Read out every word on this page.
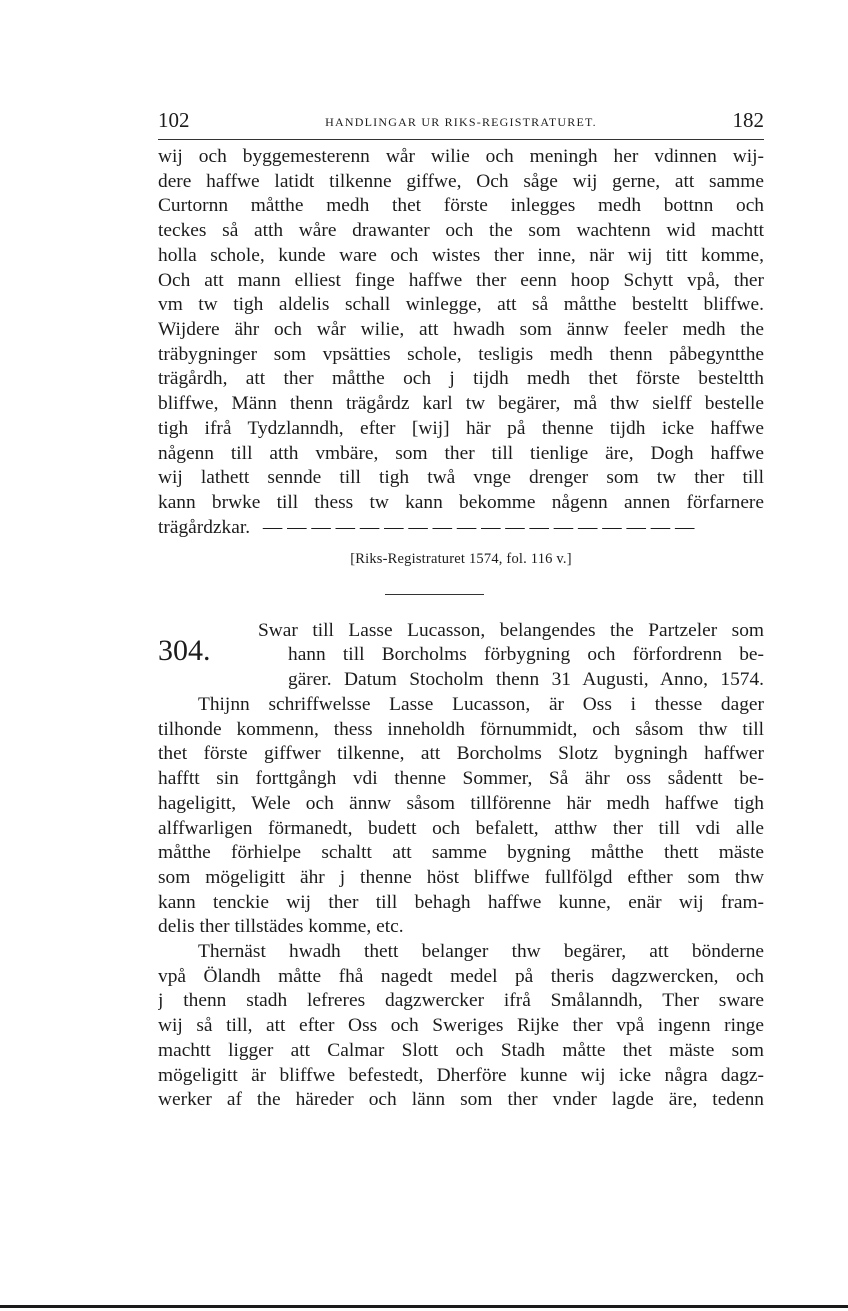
102	HANDLINGAR UR RIKS-REGISTRATURET.	182
wij och byggemesterenn wår wilie och meningh her vdinnen wij-
dere haffwe latidt tilkenne giffwe, Och såge wij gerne, att samme
Curtornn måtthe medh thet förste inlegges medh bottnn och
teckes så atth wåre drawanter och the som wachtenn wid machtt
holla schole, kunde ware och wistes ther inne, när wij titt komme,
Och att mann elliest finge haffwe ther eenn hoop Schytt vpå, ther
vm tw tigh aldelis schall winlegge, att så måtthe besteltt bliffwe.
Wijdere ähr och wår wilie, att hwadh som ännw feeler medh the
träbygninger som vpsätties schole, tesligis medh thenn påbegyntthe
trägårdh, att ther måtthe och j tijdh medh thet förste besteltth
bliffwe, Männ thenn trägårdz karl tw begärer, må thw sielff bestelle
tigh ifrå Tydzlanndh, efter [wij] här på thenne tijdh icke haffwe
någenn till atth vmbäre, som ther till tienlige äre, Dogh haffwe
wij lathett sennde till tigh twå vnge drenger som tw ther till
kann brwke till thess tw kann bekomme någenn annen förfarnere
trägårdzkar. — — — — — — — — — — — — — — — — — —
[Riks-Registraturet 1574, fol. 116 v.]
304.
Swar till Lasse Lucasson, belangendes the Partzeler som
hann till Borcholms förbygning och förfordrenn be-
gärer. Datum Stocholm thenn 31 Augusti, Anno, 1574.
Thijnn schriffwelsse Lasse Lucasson, är Oss i thesse dager
tilhonde kommenn, thess inneholdh förnummidt, och såsom thw till
thet förste giffwer tilkenne, att Borcholms Slotz bygningh haffwer
hafftt sin forttgångh vdi thenne Sommer, Så ähr oss sådentt be-
hageligitt, Wele och ännw såsom tillförenne här medh haffwe tigh
alffwarligen förmanedt, budett och befalett, atthw ther till vdi alle
måtthe förhielpe schaltt att samme bygning måtthe thett mäste
som mögeligitt ähr j thenne höst bliffwe fullfölgd efther som thw
kann tenckie wij ther till behagh haffwe kunne, enär wij fram-
delis ther tillstädes komme, etc.
Thernäst hwadh thett belanger thw begärer, att bönderne
vpå Ölandh måtte fhå nagedt medel på theris dagzwercken, och
j thenn stadh lefreres dagzwercker ifrå Smålanndh, Ther sware
wij så till, att efter Oss och Sweriges Rijke ther vpå ingenn ringe
machtt ligger att Calmar Slott och Stadh måtte thet mäste som
mögeligitt är bliffwe befestedt, Dherföre kunne wij icke några dagz-
werker af the häreder och länn som ther vnder lagde äre, tedenn
